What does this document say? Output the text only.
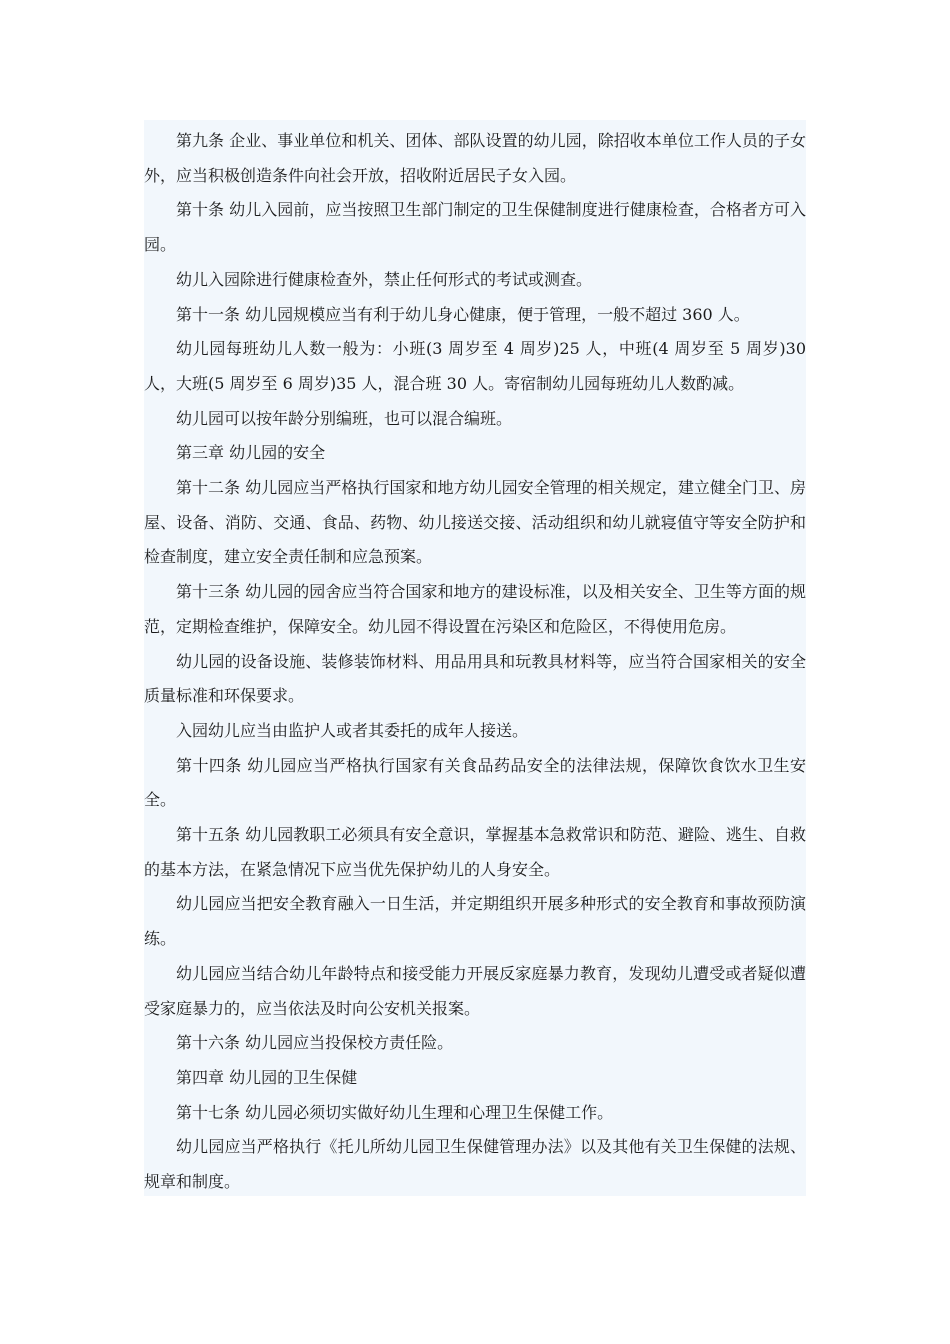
第九条 企业、事业单位和机关、团体、部队设置的幼儿园，除招收本单位工作人员的子女外，应当积极创造条件向社会开放，招收附近居民子女入园。

第十条 幼儿入园前，应当按照卫生部门制定的卫生保健制度进行健康检查，合格者方可入园。

幼儿入园除进行健康检查外，禁止任何形式的考试或测查。

第十一条 幼儿园规模应当有利于幼儿身心健康，便于管理，一般不超过 360 人。

幼儿园每班幼儿人数一般为：小班(3 周岁至 4 周岁)25 人，中班(4 周岁至 5 周岁)30 人，大班(5 周岁至 6 周岁)35 人，混合班 30 人。寄宿制幼儿园每班幼儿人数酌减。

幼儿园可以按年龄分别编班，也可以混合编班。

第三章 幼儿园的安全

第十二条 幼儿园应当严格执行国家和地方幼儿园安全管理的相关规定，建立健全门卫、房屋、设备、消防、交通、食品、药物、幼儿接送交接、活动组织和幼儿就寝值守等安全防护和检查制度，建立安全责任制和应急预案。

第十三条 幼儿园的园舍应当符合国家和地方的建设标准，以及相关安全、卫生等方面的规范，定期检查维护，保障安全。幼儿园不得设置在污染区和危险区，不得使用危房。

幼儿园的设备设施、装修装饰材料、用品用具和玩教具材料等，应当符合国家相关的安全质量标准和环保要求。

入园幼儿应当由监护人或者其委托的成年人接送。

第十四条 幼儿园应当严格执行国家有关食品药品安全的法律法规，保障饮食饮水卫生安全。

第十五条 幼儿园教职工必须具有安全意识，掌握基本急救常识和防范、避险、逃生、自救的基本方法，在紧急情况下应当优先保护幼儿的人身安全。

幼儿园应当把安全教育融入一日生活，并定期组织开展多种形式的安全教育和事故预防演练。

幼儿园应当结合幼儿年龄特点和接受能力开展反家庭暴力教育，发现幼儿遭受或者疑似遭受家庭暴力的，应当依法及时向公安机关报案。

第十六条 幼儿园应当投保校方责任险。

第四章 幼儿园的卫生保健

第十七条 幼儿园必须切实做好幼儿生理和心理卫生保健工作。

幼儿园应当严格执行《托儿所幼儿园卫生保健管理办法》以及其他有关卫生保健的法规、规章和制度。
